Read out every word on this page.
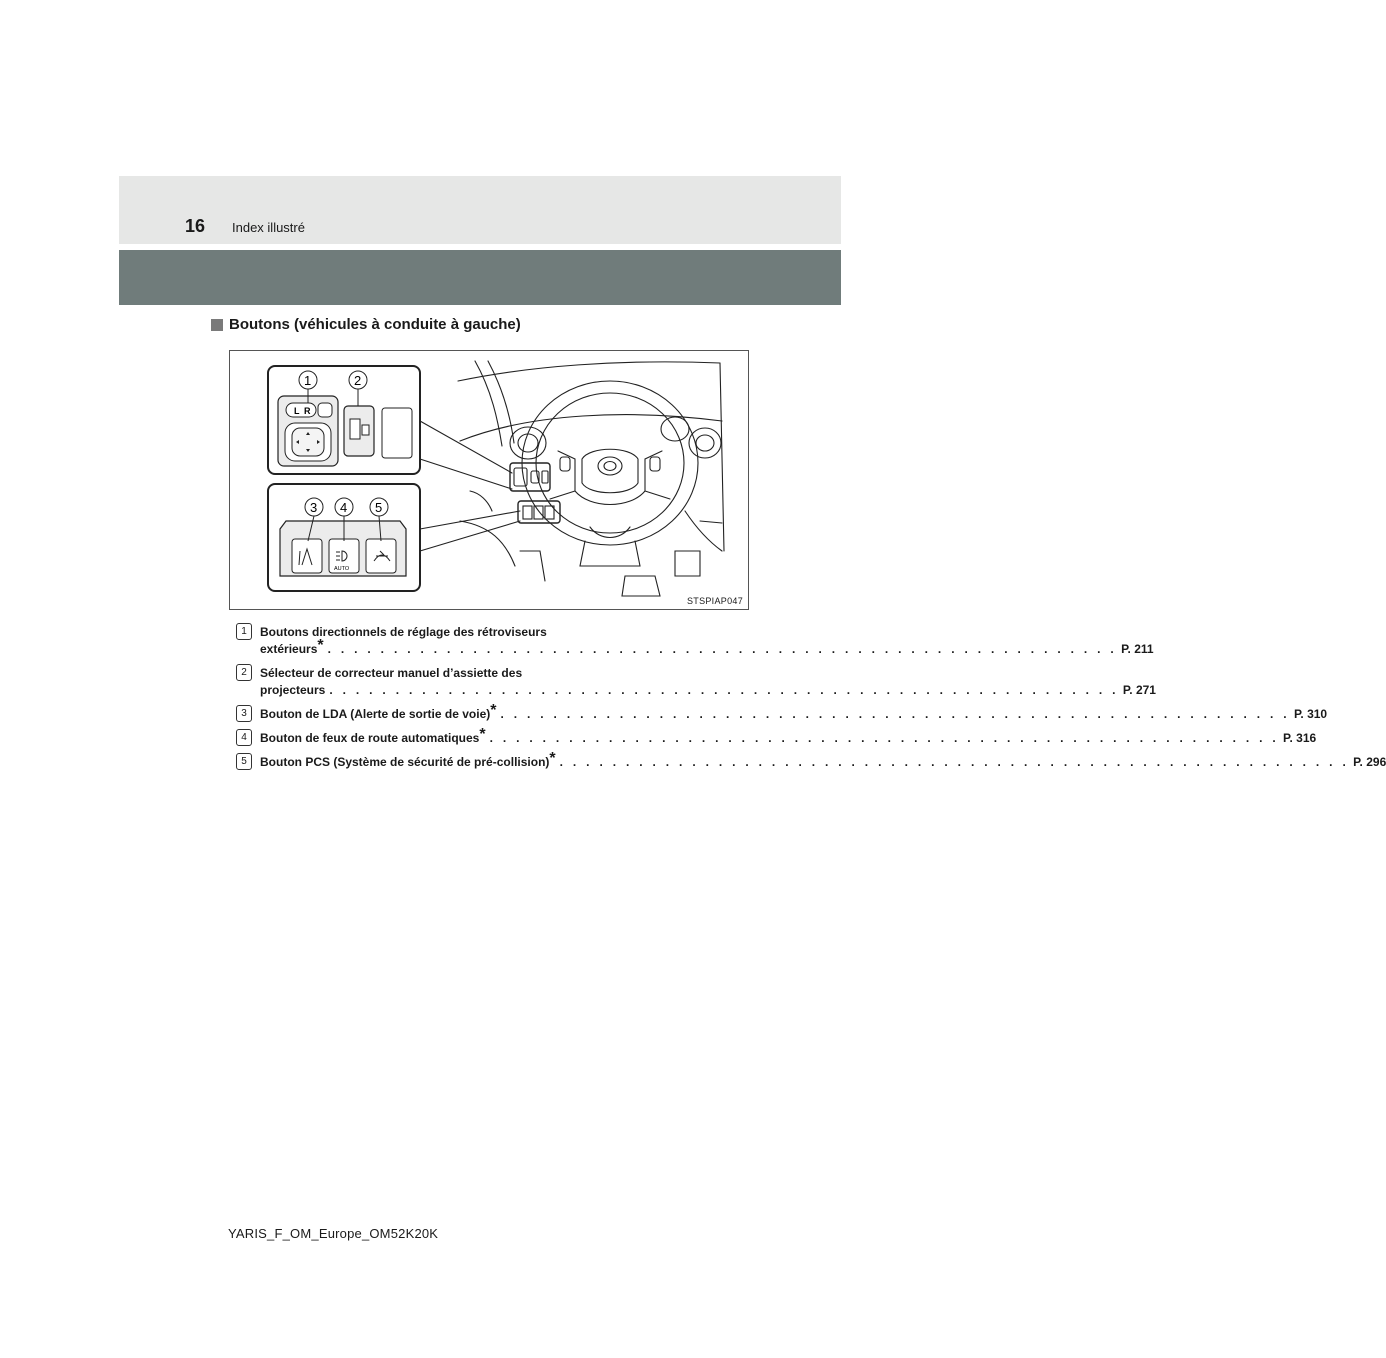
16 Index illustré
Boutons (véhicules à conduite à gauche)
L R
1	2
AUTO
3 4 5
STSPIAP047
1	Boutons directionnels de réglage des rétroviseurs
extérieurs* . . . . . . . . . . . . . . . . . . . . . . . . . . . . . . . . . . . . . . . . . . . . . . . . . . . . . . . . . . . . P. 211
2	Sélecteur de correcteur manuel d’assiette des
projecteurs . . . . . . . . . . . . . . . . . . . . . . . . . . . . . . . . . . . . . . . . . . . . . . . . . . . . . . . . . . . . P. 271
3	Bouton de LDA (Alerte de sortie de voie)* . . . . . . . . . . . . . . . . . . . . . . . . . . . . . . . . . . . . . . . . . . . . . . . . . . . . . . . . . . . . P. 310
4	Bouton de feux de route automatiques* . . . . . . . . . . . . . . . . . . . . . . . . . . . . . . . . . . . . . . . . . . . . . . . . . . . . . . . . . . . . P. 316
5	Bouton PCS (Système de sécurité de pré-collision)* . . . . . . . . . . . . . . . . . . . . . . . . . . . . . . . . . . . . . . . . . . . . . . . . . . . . . . . . . . . . P. 296
YARIS_F_OM_Europe_OM52K20K
